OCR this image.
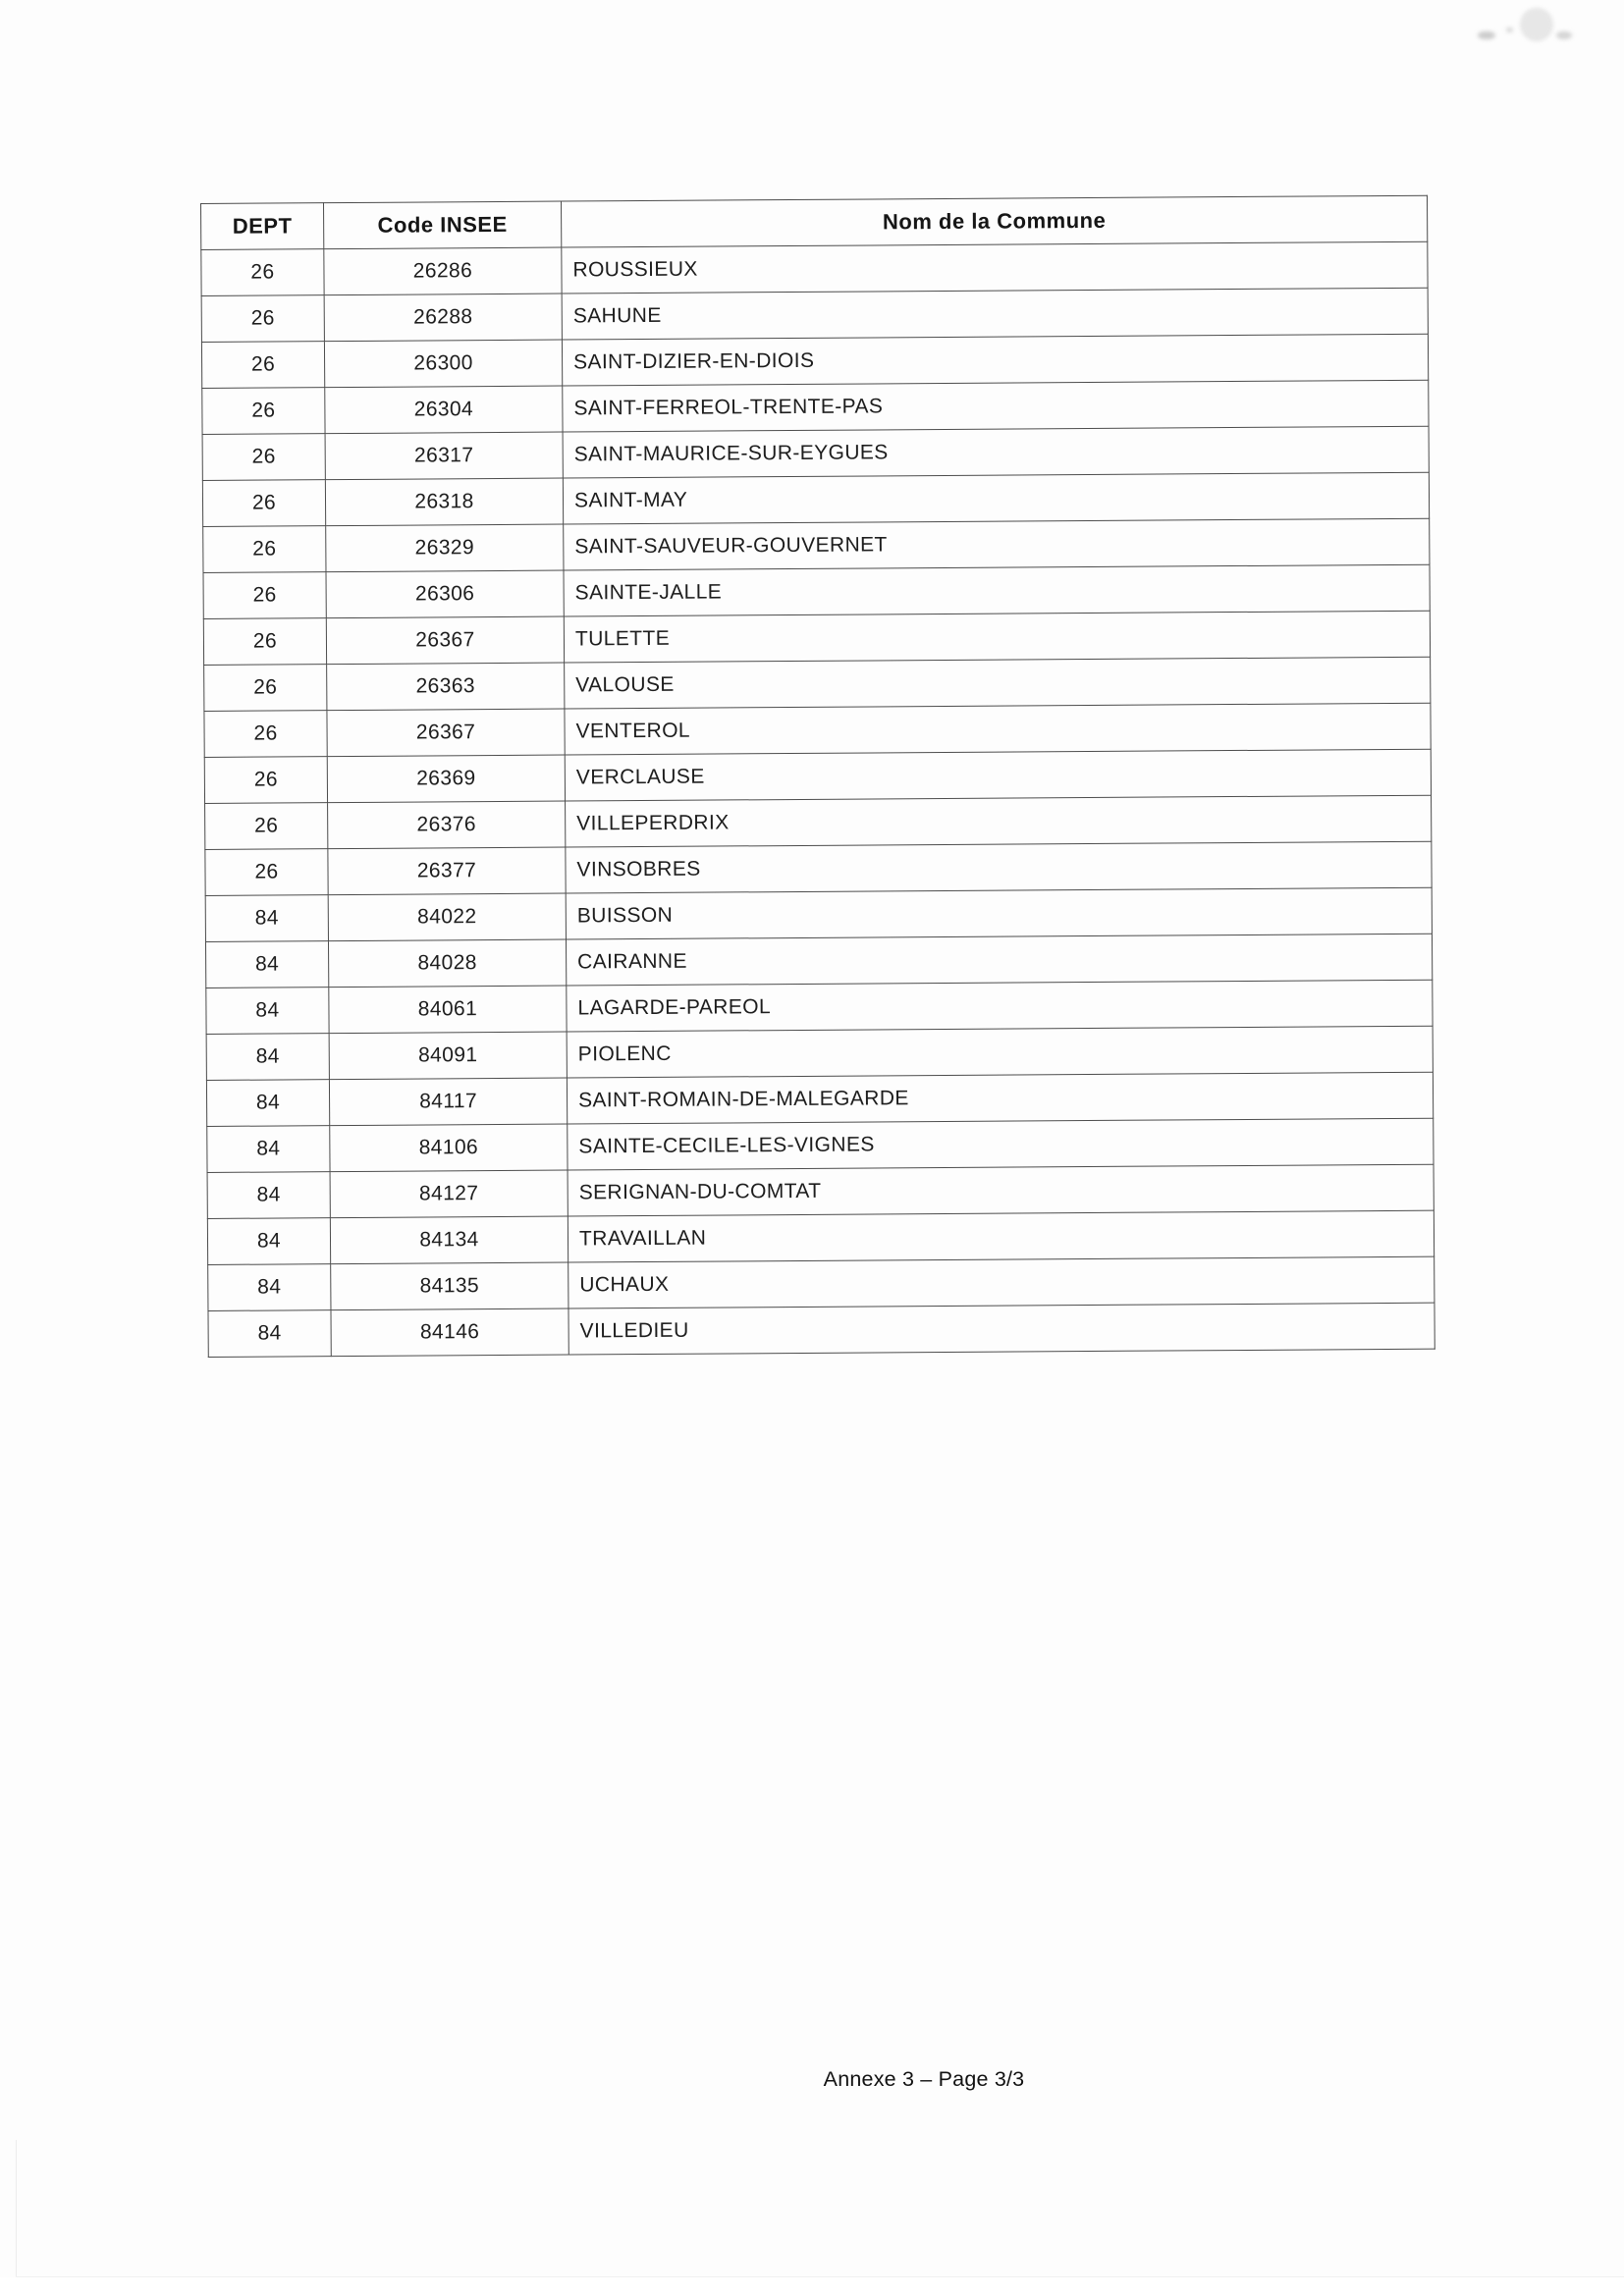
DEPT	Code INSEE	Nom de la Commune
26	26286	ROUSSIEUX
26	26288	SAHUNE
26	26300	SAINT-DIZIER-EN-DIOIS
26	26304	SAINT-FERREOL-TRENTE-PAS
26	26317	SAINT-MAURICE-SUR-EYGUES
26	26318	SAINT-MAY
26	26329	SAINT-SAUVEUR-GOUVERNET
26	26306	SAINTE-JALLE
26	26367	TULETTE
26	26363	VALOUSE
26	26367	VENTEROL
26	26369	VERCLAUSE
26	26376	VILLEPERDRIX
26	26377	VINSOBRES
84	84022	BUISSON
84	84028	CAIRANNE
84	84061	LAGARDE-PAREOL
84	84091	PIOLENC
84	84117	SAINT-ROMAIN-DE-MALEGARDE
84	84106	SAINTE-CECILE-LES-VIGNES
84	84127	SERIGNAN-DU-COMTAT
84	84134	TRAVAILLAN
84	84135	UCHAUX
84	84146	VILLEDIEU
Annexe 3 – Page 3/3
